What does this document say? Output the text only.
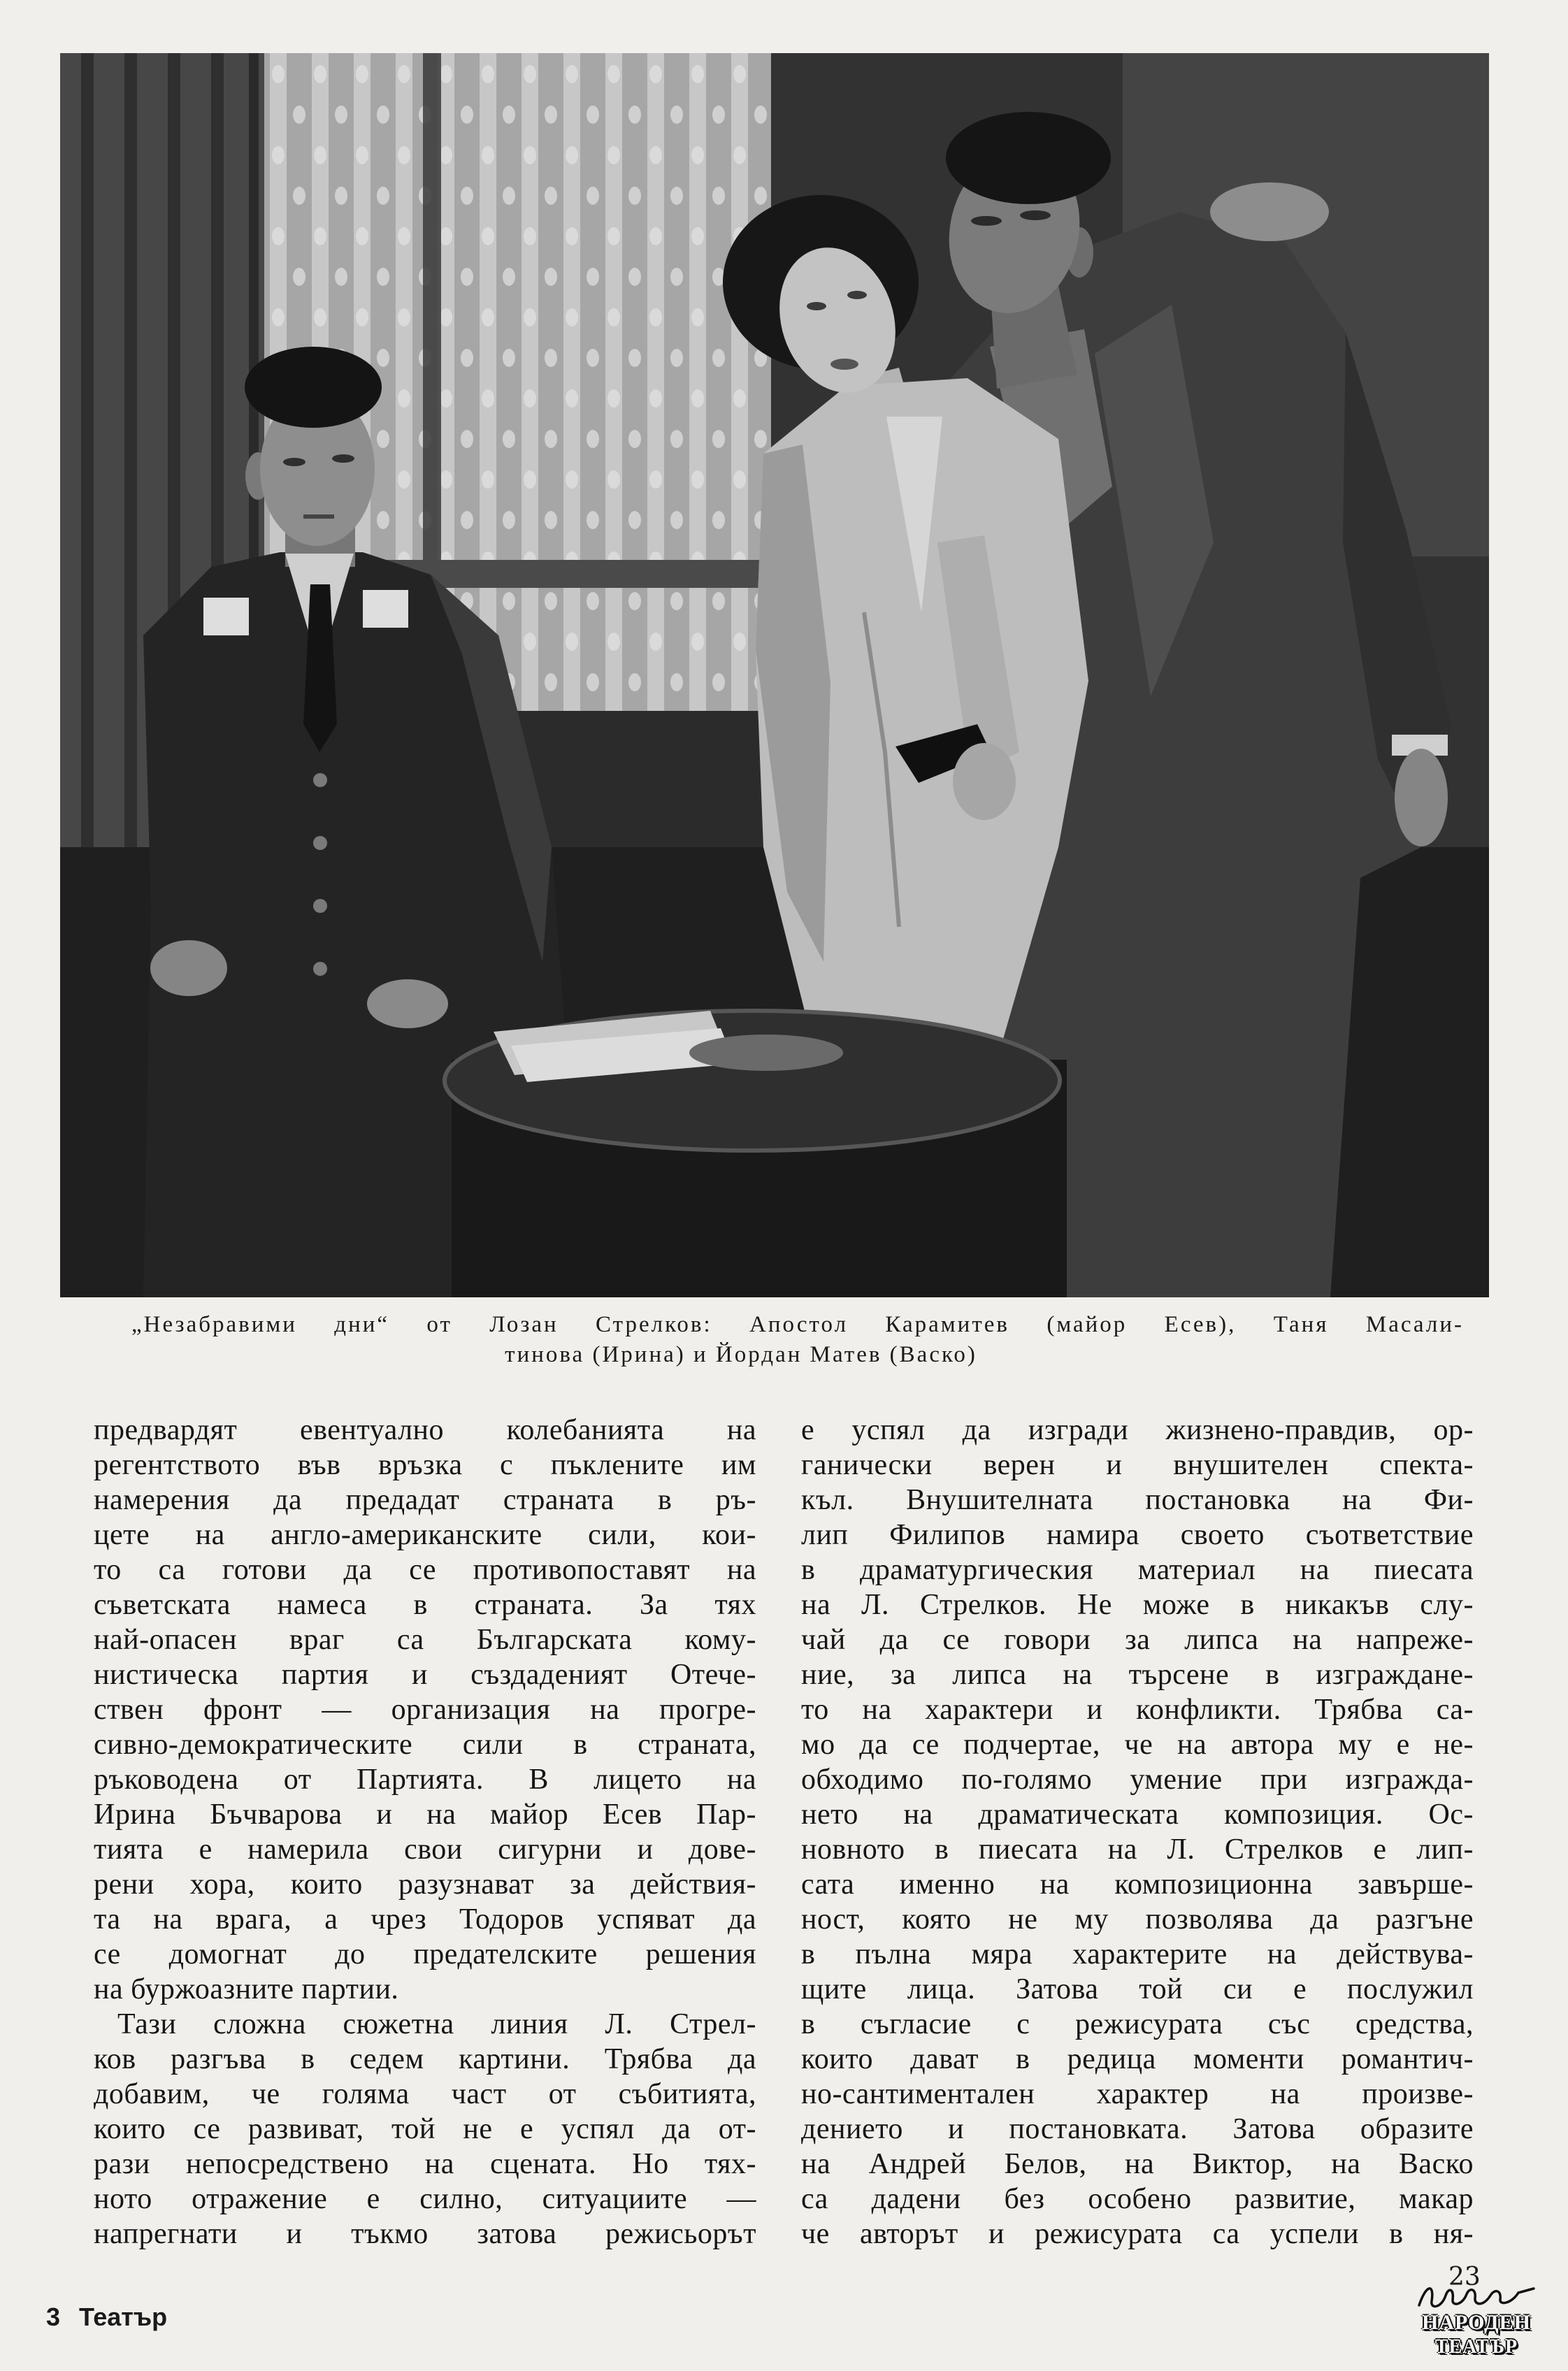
„Незабравими дни“ от Лозан Стрелков: Апостол Карамитев (майор Есев), Таня Масали-
тинова (Ирина) и Йордан Матев (Васко)
предвардят евентуално колебанията на
регентството във връзка с пъклените им
намерения да предадат страната в ръ-
цете на англо-американските сили, кои-
то са готови да се противопоставят на
съветската намеса в страната. За тях
най-опасен враг са Българската кому-
нистическа партия и създаденият Отече-
ствен фронт — организация на прогре-
сивно-демократическите сили в страната,
ръководена от Партията. В лицето на
Ирина Бъчварова и на майор Есев Пар-
тията е намерила свои сигурни и дове-
рени хора, които разузнават за действия-
та на врага, а чрез Тодоров успяват да
се домогнат до предателските решения
на буржоазните партии.
Тази сложна сюжетна линия Л. Стрел-
ков разгъва в седем картини. Трябва да
добавим, че голяма част от събитията,
които се развиват, той не е успял да от-
рази непосредствено на сцената. Но тях-
ното отражение е силно, ситуациите —
напрегнати и тъкмо затова режисьорът
е успял да изгради жизнено-правдив, ор-
ганически верен и внушителен спекта-
къл. Внушителната постановка на Фи-
лип Филипов намира своето съответствие
в драматургическия материал на пиесата
на Л. Стрелков. Не може в никакъв слу-
чай да се говори за липса на напреже-
ние, за липса на търсене в изграждане-
то на характери и конфликти. Трябва са-
мо да се подчертае, че на автора му е не-
обходимо по-голямо умение при изгражда-
нето на драматическата композиция. Ос-
новното в пиесата на Л. Стрелков е лип-
сата именно на композиционна завърше-
ност, която не му позволява да разгъне
в пълна мяра характерите на действува-
щите лица. Затова той си е послужил
в съгласие с режисурата със средства,
които дават в редица моменти романтич-
но-сантиментален характер на произве-
дението и постановката. Затова образите
на Андрей Белов, на Виктор, на Васко
са дадени без особено развитие, макар
че авторът и режисурата са успели в ня-
3 Театър
23
НАРОДЕН
ТЕАТЪР
